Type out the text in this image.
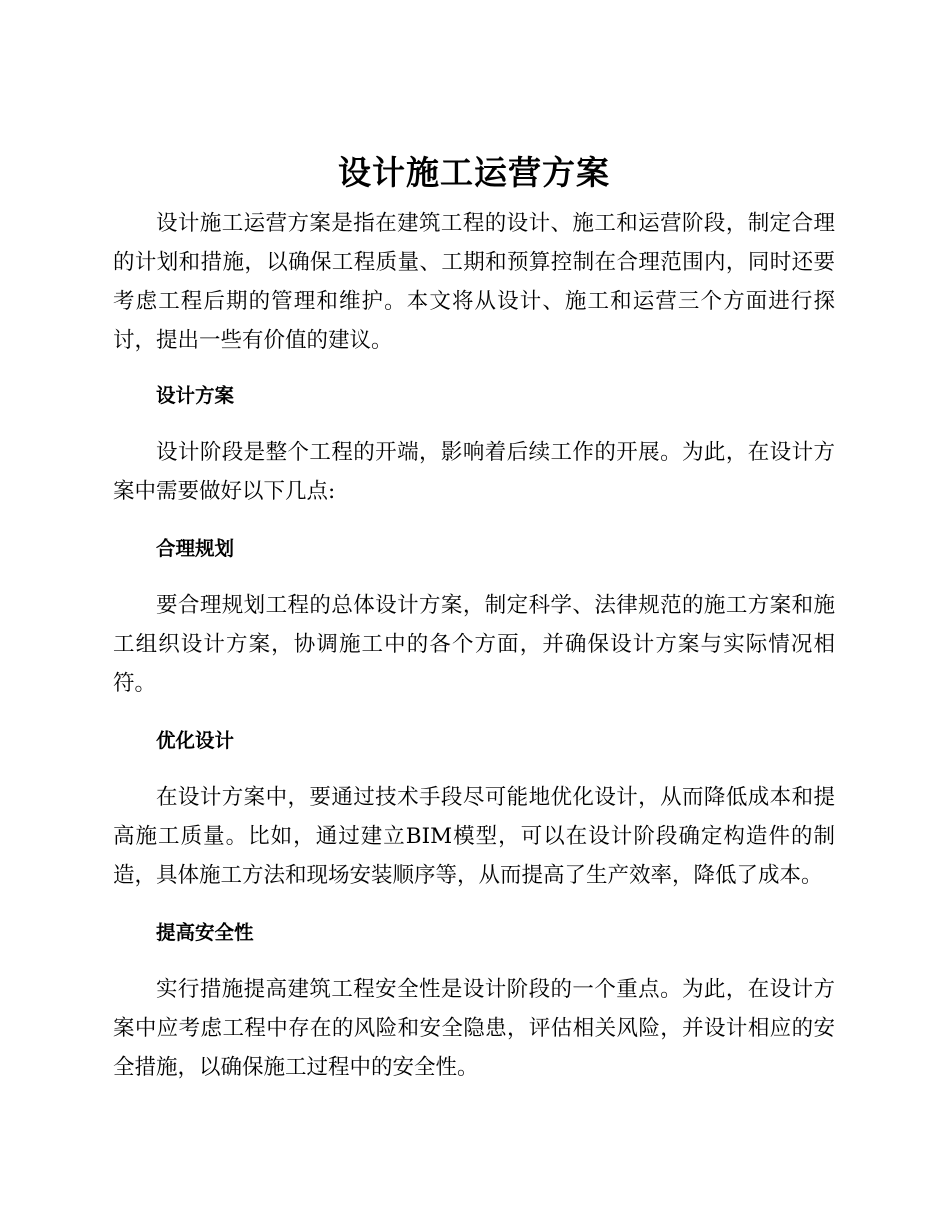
设计施工运营方案

设计施工运营方案是指在建筑工程的设计、施工和运营阶段，制定合理的计划和措施，以确保工程质量、工期和预算控制在合理范围内，同时还要考虑工程后期的管理和维护。本文将从设计、施工和运营三个方面进行探讨，提出一些有价值的建议。

设计方案

设计阶段是整个工程的开端，影响着后续工作的开展。为此，在设计方案中需要做好以下几点:

合理规划

要合理规划工程的总体设计方案，制定科学、法律规范的施工方案和施工组织设计方案，协调施工中的各个方面，并确保设计方案与实际情况相符。

优化设计

在设计方案中，要通过技术手段尽可能地优化设计，从而降低成本和提高施工质量。比如，通过建立BIM模型，可以在设计阶段确定构造件的制造，具体施工方法和现场安装顺序等，从而提高了生产效率，降低了成本。

提高安全性

实行措施提高建筑工程安全性是设计阶段的一个重点。为此，在设计方案中应考虑工程中存在的风险和安全隐患，评估相关风险，并设计相应的安全措施，以确保施工过程中的安全性。
